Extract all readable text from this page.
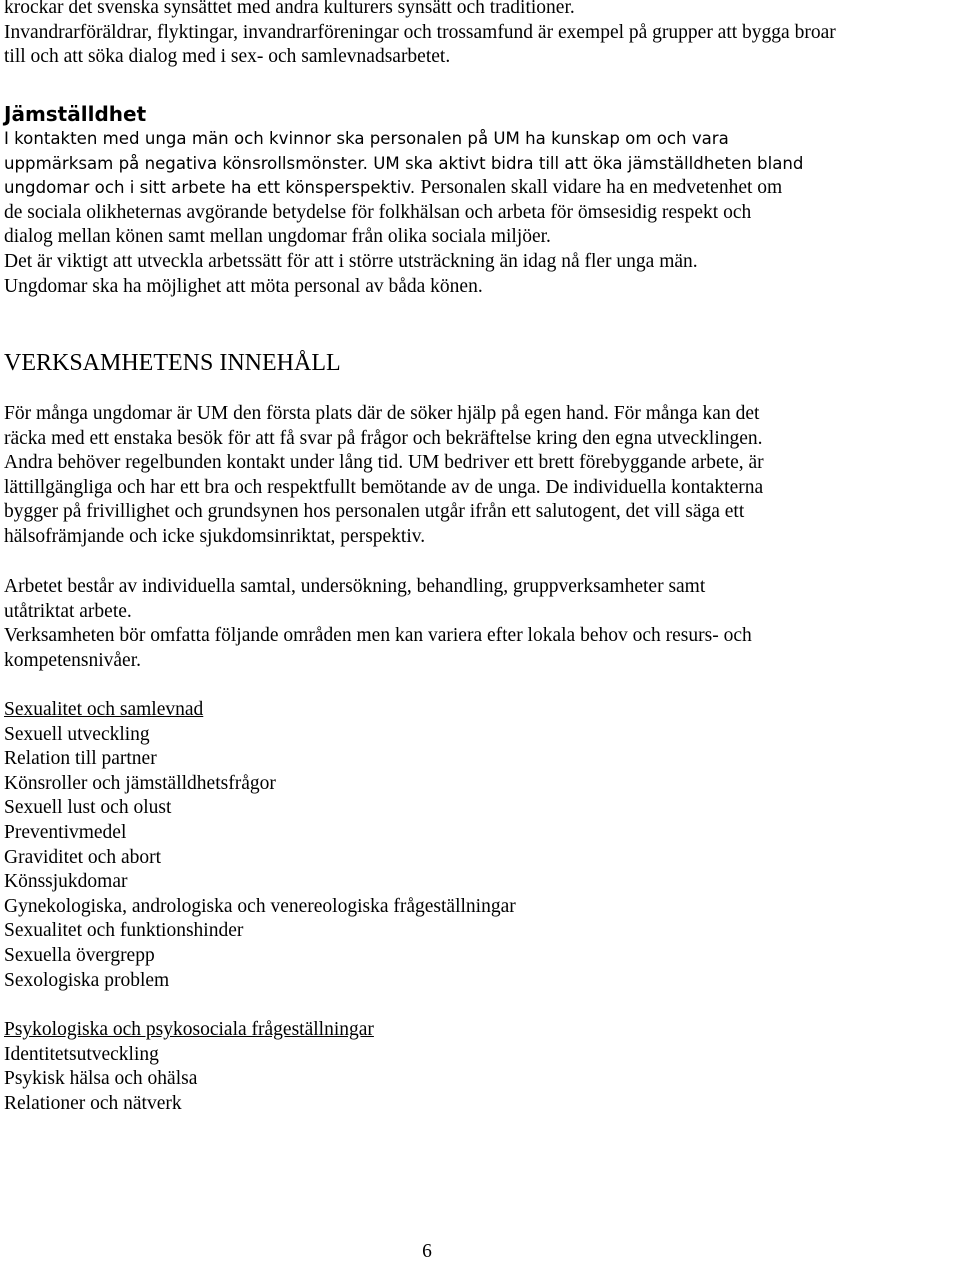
krockar det svenska synsättet med andra kulturers synsätt och traditioner.
Invandrarföräldrar, flyktingar, invandrarföreningar och trossamfund är exempel på grupper att bygga broar
till och att söka dialog med i sex- och samlevnadsarbetet.
Jämställdhet
I kontakten med unga män och kvinnor ska personalen på UM ha kunskap om och vara
uppmärksam på negativa könsrollsmönster. UM ska aktivt bidra till att öka jämställdheten bland
ungdomar och i sitt arbete ha ett könsperspektiv. Personalen skall vidare ha en medvetenhet om
de sociala olikheternas avgörande betydelse för folkhälsan och arbeta för ömsesidig respekt och
dialog mellan könen samt mellan ungdomar från olika sociala miljöer.
Det är viktigt att utveckla arbetssätt för att i större utsträckning än idag nå fler unga män.
Ungdomar ska ha möjlighet att möta personal av båda könen.
VERKSAMHETENS INNEHÅLL
För många ungdomar är UM den första plats där de söker hjälp på egen hand. För många kan det
räcka med ett enstaka besök för att få svar på frågor och bekräftelse kring den egna utvecklingen.
Andra behöver regelbunden kontakt under lång tid. UM bedriver ett brett förebyggande arbete, är
lättillgängliga och har ett bra och respektfullt bemötande av de unga. De individuella kontakterna
bygger på frivillighet och grundsynen hos personalen utgår ifrån ett salutogent, det vill säga ett
hälsofrämjande och icke sjukdomsinriktat, perspektiv.
Arbetet består av individuella samtal, undersökning, behandling, gruppverksamheter samt
utåtriktat arbete.
Verksamheten bör omfatta följande områden men kan variera efter lokala behov och resurs- och
kompetensnivåer.
Sexualitet och samlevnad
Sexuell utveckling
Relation till partner
Könsroller och jämställdhetsfrågor
Sexuell lust och olust
Preventivmedel
Graviditet och abort
Könssjukdomar
Gynekologiska, andrologiska och venereologiska frågeställningar
Sexualitet och funktionshinder
Sexuella övergrepp
Sexologiska problem
Psykologiska och psykosociala frågeställningar
Identitetsutveckling
Psykisk hälsa och ohälsa
Relationer och nätverk
6
